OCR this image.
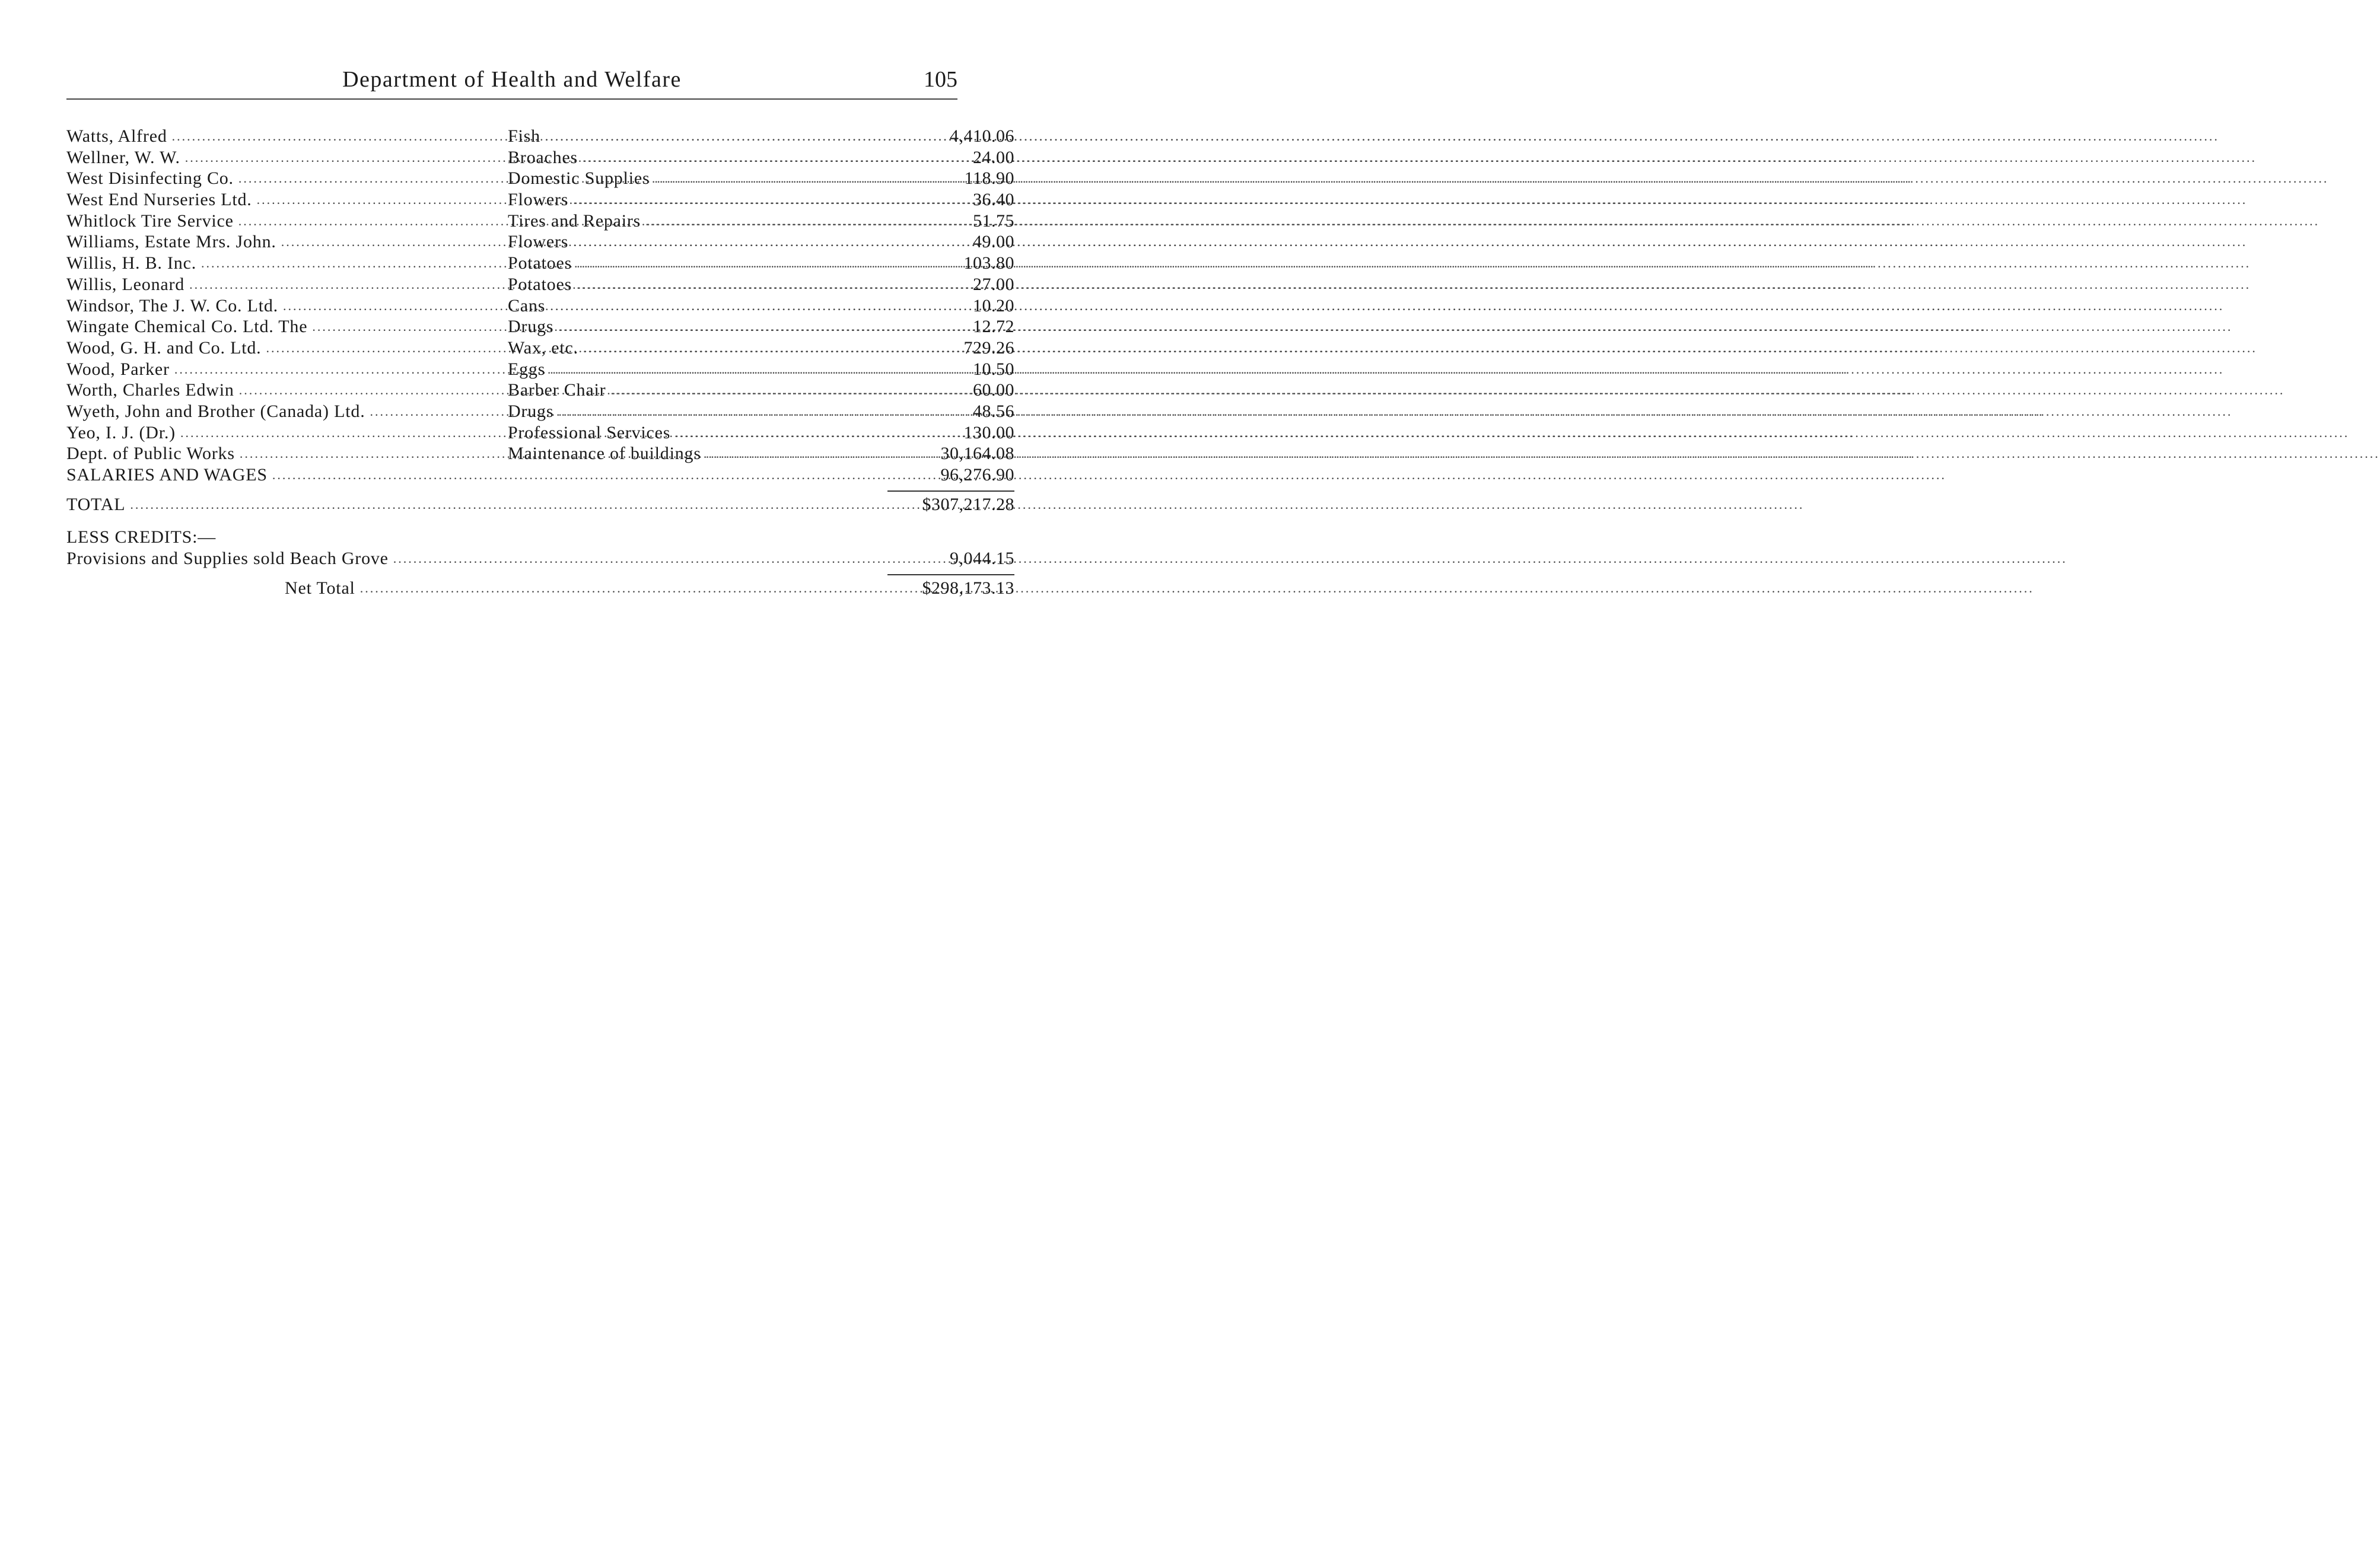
Department of Health and Welfare	105
Watts, Alfred .....	Fish .....	4,410.06
Wellner, W. W. .....	Broaches .....	24.00
West Disinfecting Co. .....	Domestic Supplies .....	118.90
West End Nurseries Ltd. .....	Flowers .....	36.40
Whitlock Tire Service .....	Tires and Repairs .....	51.75
Williams, Estate Mrs. John. .....	Flowers .....	49.00
Willis, H. B. Inc. .....	Potatoes .....	103.80
Willis, Leonard .....	Potatoes .....	27.00
Windsor, The J. W. Co. Ltd. .....	Cans .....	10.20
Wingate Chemical Co. Ltd. The .....	Drugs .....	12.72
Wood, G. H. and Co. Ltd. .....	Wax, etc. .....	729.26
Wood, Parker .....	Eggs .....	10.50
Worth, Charles Edwin .....	Barber Chair .....	60.00
Wyeth, John and Brother (Canada) Ltd. .....	Drugs .....	48.56
Yeo, I. J. (Dr.) .....	Professional Services .....	130.00
Dept. of Public Works .....	Maintenance of buildings .....	30,164.08
SALARIES AND WAGES .....	96,276.90
TOTAL .....	$307,217.28
LESS CREDITS:—
Provisions and Supplies sold Beach Grove .....	9,044.15
Net Total .....	$298,173.13
